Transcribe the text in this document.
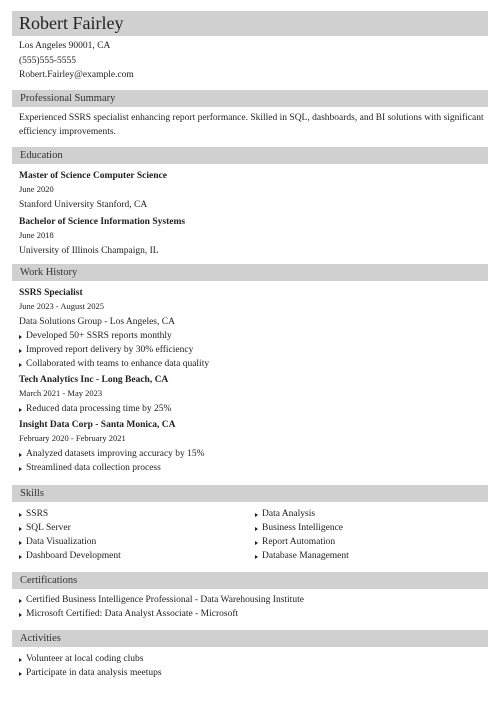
Robert Fairley
Los Angeles 90001, CA
(555)555-5555
Robert.Fairley@example.com
Professional Summary

Experienced SSRS specialist enhancing report performance. Skilled in SQL, dashboards, and BI solutions with significant efficiency improvements.

Education
Master of Science Computer Science
June 2020
Stanford University Stanford, CA
Bachelor of Science Information Systems
June 2018
University of Illinois Champaign, IL
Work History
SSRS Specialist
June 2023 - August 2025
Data Solutions Group - Los Angeles, CA
Developed 50+ SSRS reports monthly
Improved report delivery by 30% efficiency
Collaborated with teams to enhance data quality
Tech Analytics Inc - Long Beach, CA
March 2021 - May 2023
Reduced data processing time by 25%
Insight Data Corp - Santa Monica, CA
February 2020 - February 2021
Analyzed datasets improving accuracy by 15%
Streamlined data collection process
Skills
SSRS
SQL Server
Data Visualization
Dashboard Development
Data Analysis
Business Intelligence
Report Automation
Database Management
Certifications
Certified Business Intelligence Professional - Data Warehousing Institute
Microsoft Certified: Data Analyst Associate - Microsoft
Activities
Volunteer at local coding clubs
Participate in data analysis meetups
